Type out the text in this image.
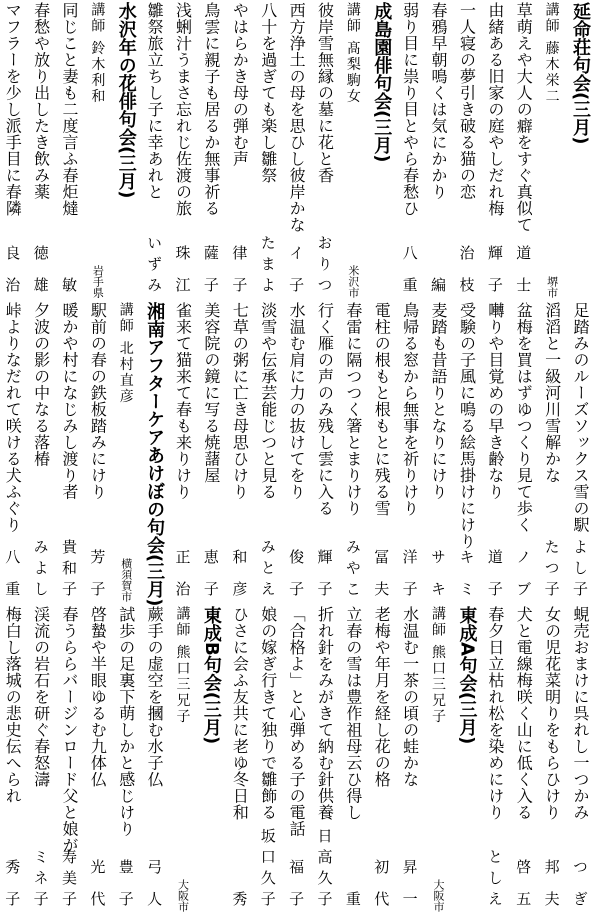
延命荘句会(三月)
講師 藤木栄二
堺市
草萌えや大人の癖をすぐ真似て
道 士
由緒ある旧家の庭やしだれ梅
輝 子
一人寝の夢引き破る猫の恋
治 枝
春鴉早朝鳴くは気にかかり
編
弱り目に祟り目とやら春愁ひ
八 重
成島園俳句会(三月)
講師 髙梨駒女
米沢市
彼岸雪無縁の墓に花と香
おりつ
西方浄土の母を思ひし彼岸かな
イ 子
八十を過ぎても楽し雛祭
たまよ
やはらかき母の弾む声
律 子
鳥雲に親子も居るか無事祈る
薩 子
浅蜊汁うまさ忘れじ佐渡の旅
珠 江
雛祭旅立ちし子に幸あれと
いずみ
水沢年の花俳句会(三月)
講師 鈴木利和
岩手県
同じこと妻も二度言ふ春炬燵
敏
春愁や放り出したき飲み薬
徳 雄
マフラーを少し派手目に春隣
良 治
足踏みのルーズソックス雪の駅
よし子
滔滔と一級河川雪解かな
たつ子
盆梅を買はずゆつくり見て歩く
ノ ブ
囀りや目覚めの早き齢なり
道 子
受験の子風に鳴る絵馬掛けにけり
キ ミ
麦踏も昔語りとなりにけり
サ キ
鳥帰る窓から無事を祈りけり
洋 子
電柱の根もと根もとに残る雪
冨 夫
春雷に隔つつく箸とまりけり
みやこ
行く雁の声のみ残し雲に入る
輝 子
水温む肩に力の抜けてをり
俊 子
淡雪や伝承芸能じつと見る
みとえ
七草の粥に亡き母思ひけり
和 彦
美容院の鏡に写る焼藷屋
恵 子
雀来て猫来て春も来りけり
正 治
湘南アフターケアあけぼの句会(三月)
講師 北村直彦
横須賀市
駅前の春の鉄板踏みにけり
芳 子
暖かや村になじみし渡り者
貴和子
夕波の影の中なる落椿
みよし
峠よりなだれて咲ける犬ふぐり
八 重
蜆売おまけに呉れし一つかみ
つ ぎ
女の児花菜明りをもらひけり
邦 夫
犬と電線梅咲く山に低く入る
啓 五
春夕日立枯れ松を染めにけり
としえ
東成A句会(三月)
講師 熊口三兄子
大阪市
水温む一茶の頃の蛙かな
昇 一
老梅や年月を経し花の格
初 代
立春の雪は豊作祖母云ひ得し
重
折れ針をみがきて納む針供養
日高久子
「合格よ」と心弾める子の電話
福 子
娘の嫁ぎ行きて独りで雛飾る
坂口久子
ひさに会ふ友共に老ゆ冬日和
秀
東成B句会(三月)
講師 熊口三兄子
大阪市
蕨手の虚空を摑む水子仏
弓 人
試歩の足裏下萌しかと感じけり
豊 子
啓蟄や半眼ゆるむ九体仏
光 代
春うららバージンロード父と娘が
寿美子
渓流の岩石を研ぐ春怒濤
ミネ子
梅白し落城の悲史伝へられ
秀 子
